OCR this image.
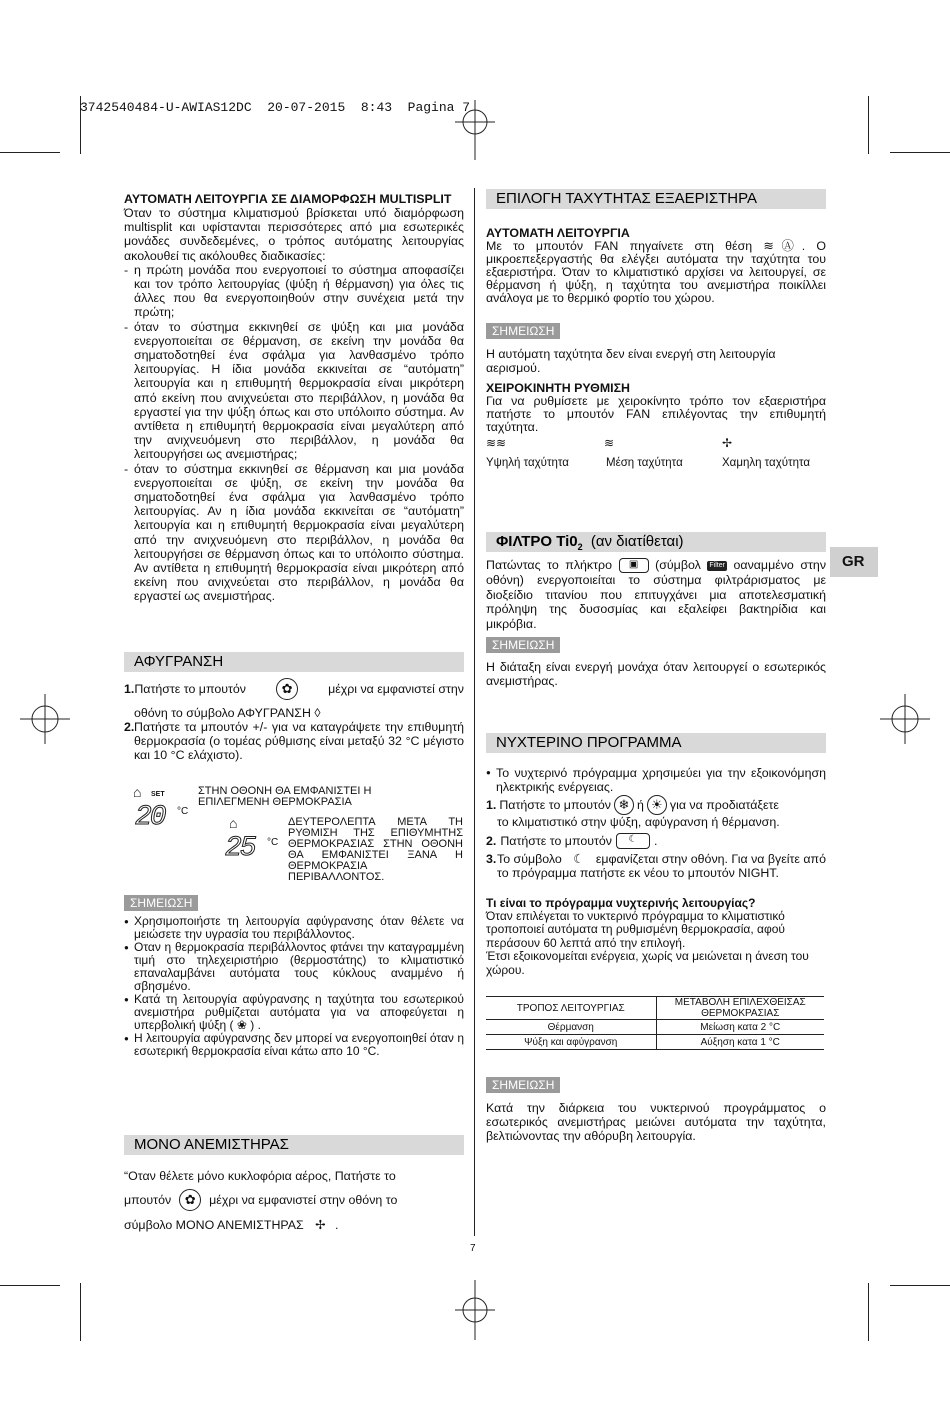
3742540484-U-AWIAS12DC  20-07-2015  8:43  Pagina 7
ΑΥΤΟΜΑΤΗ ΛΕΙΤΟΥΡΓΙΑ ΣΕ ΔΙΑΜΟΡΦΩΣΗ MULTISPLIT
Όταν το σύστημα κλιματισμού βρίσκεται υπό διαμόρφωση multisplit και υφίστανται περισσότερες από μια εσωτερικές μονάδες συνδεδεμένες, ο τρόπος αυτόματης λειτουργίας ακολουθεί τις ακόλουθες διαδικασίες:
- η πρώτη μονάδα που ενεργοποιεί το σύστημα αποφασίζει και τον τρόπο λειτουργίας (ψύξη ή θέρμανση) για όλες τις άλλες που θα ενεργοποιηθούν στην συνέχεια μετά την πρώτη;
- όταν το σύστημα εκκινηθεί σε ψύξη και μια μονάδα ενεργοποιείται σε θέρμανση, σε εκείνη την μονάδα θα σηματοδοτηθεί ένα σφάλμα για λανθασμένο τρόπο λειτουργίας. Η ίδια μονάδα εκκινείται σε “αυτόματη” λειτουργία και η επιθυμητή θερμοκρασία είναι μικρότερη από εκείνη που ανιχνεύεται στο περιβάλλον, η μονάδα θα εργαστεί για την ψύξη όπως και στο υπόλοιπο σύστημα. Αν αντίθετα η επιθυμητή θερμοκρασία είναι μεγαλύτερη από την ανιχνευόμενη στο περιβάλλον, η μονάδα θα λειτουργήσει ως ανεμιστήρας;
- όταν το σύστημα εκκινηθεί σε θέρμανση και μια μονάδα ενεργοποιείται σε ψύξη, σε εκείνη την μονάδα θα σηματοδοτηθεί ένα σφάλμα για λανθασμένο τρόπο λειτουργίας. Αν η ίδια μονάδα εκκινείται σε “αυτόματη” λειτουργία και η επιθυμητή θερμοκρασία είναι μεγαλύτερη από την ανιχνευόμενη στο περιβάλλον, η μονάδα θα λειτουργήσει σε θέρμανση όπως και το υπόλοιπο σύστημα. Αν αντίθετα η επιθυμητή θερμοκρασία είναι μικρότερη από εκείνη που ανιχνεύεται στο περιβάλλον, η μονάδα θα εργαστεί ως ανεμιστήρας.
ΑΦΥΓΡΑΝΣΗ
1.Πατήστε το μπουτόν	✿	μέχρι να εμφανιστεί στην
οθόνη το σύμβολο ΑΦΥΓΡΑΝΣΗ ◊
2. Πατήστε τα μπουτόν +/- για να καταγράψετε την επιθυμητή θερμοκρασία (ο τομέας ρύθμισης είναι μεταξύ 32 °C μέγιστο και 10 °C ελάχιστο).
⌂ SET
20 °C
ΣΤΗΝ ΟΘΟΝΗ ΘΑ ΕΜΦΑΝΙΣΤΕΙ Η ΕΠΙΛΕΓΜΕΝΗ ΘΕΡΜΟΚΡΑΣΙΑ
⌂
25 °C
ΔΕΥΤΕΡΟΛΕΠΤΑ ΜΕΤΑ ΤΗ ΡΥΘΜΙΣΗ ΤΗΣ ΕΠΙΘΥΜΗΤΗΣ ΘΕΡΜΟΚΡΑΣΙΑΣ ΣΤΗΝ ΟΘΟΝΗ ΘΑ ΕΜΦΑΝΙΣΤΕΙ ΞΑΝΑ Η ΘΕΡΜΟΚΡΑΣΙΑ ΠΕΡΙΒΑΛΛΟΝΤΟΣ.
ΣΗΜΕΙΩΣΗ
● Χρησιμοποιήστε τη λειτουργία αφύγρανσης όταν θέλετε να μειώσετε την υγρασία του περιβάλλοντος.
● Οταν η θερμοκρασία περιβάλλοντος φτάνει την καταγραμμένη τιμή στο τηλεχειριστήριο (θερμοστάτης) το κλιματιστικό επαναλαμβάνει αυτόματα τους κύκλους αναμμένο ή σβησμένο.
● Κατά τη λειτουργία αφύγρανσης η ταχύτητα του εσωτερικού ανεμιστήρα ρυθμίζεται αυτόματα για να αποφεύγεται η υπερβολική ψύξη ( ❀ ) .
● Η λειτουργία αφύγρανσης δεν μπορεί να ενεργοποιηθεί όταν η εσωτερική θερμοκρασία είναι κάτω απο 10 °C.
ΜΟΝΟ ΑΝΕΜΙΣΤΗΡΑΣ
“Οταν θέλετε μόνο κυκλοφόρια αέρος, Πατήστε το
μπουτόν	✿	μέχρι να εμφανιστεί στην οθόνη το
σύμβολο ΜΟΝΟ ΑΝΕΜΙΣΤΗΡΑΣ ✢ .
ΕΠΙΛΟΓΗ ΤΑΧΥΤΗΤΑΣ ΕΞΑΕΡΙΣΤΗΡΑ
ΑΥΤΟΜΑΤΗ ΛΕΙΤΟΥΡΓΙΑ
Με το μπουτόν FAN πηγαίνετε στη θέση ≋Ⓐ. Ο μικροεπεξεργαστής θα ελέγξει αυτόματα την ταχύτητα του εξαεριστήρα. Όταν το κλιματιστικό αρχίσει να λειτουργεί, σε θέρμανση ή ψύξη, η ταχύτητα του ανεμιστήρα ποικίλλει ανάλογα με το θερμικό φορτίο του χώρου.
ΣΗΜΕΙΩΣΗ
Η αυτόματη ταχύτητα δεν είναι ενεργή στη λειτουργία αερισμού.
ΧΕΙΡΟΚΙΝΗΤΗ ΡΥΘΜΙΣΗ
Για να ρυθμίσετε με χειροκίνητο τρόπο τον εξαεριστήρα πατήστε το μπουτόν FAN επιλέγοντας την επιθυμητή ταχύτητα.
≋≋	≋	✢
Υψηλή ταχύτητα	Μέση ταχύτητα	Χαμηλη ταχύτητα
ΦΙΛΤΡΟ $Ti0_2$ (αν διατίθεται)
GR
Πατώντας το πλήκτρο ▣ (σύμβολ Filter οαναμμένο στην οθόνη) ενεργοποιείται το σύστημα φιλτράρισματος με διοξείδιο τιτανίου που επιτυγχάνει μια αποτελεσματική πρόληψη της δυσοσμίας και εξαλείφει βακτηρίδια και μικρόβια.
ΣΗΜΕΙΩΣΗ
Η διάταξη είναι ενεργή μονάχα όταν λειτουργεί ο εσωτερικός ανεμιστήρας.
ΝΥΧΤΕΡΙΝΟ ΠΡΟΓΡΑΜΜΑ
● Το νυχτερινό πρόγραμμα χρησιμεύει για την εξοικονόμηση ηλεκτρικής ενέργειας.
1. Πατήστε το μπουτόν ❄ ή ☀ για να προδιατάξετε
το κλιματιστικό στην ψύξη, αφύγρανση ή θέρμανση.
2. Πατήστε το μπουτόν	☾	.
3. Το σύμβολο ☾ εμφανίζεται στην οθόνη. Για να βγείτε από το πρόγραμμα πατήστε εκ νέου το μπουτόν NIGHT.
Τι είναι το πρόγραμμα νυχτερινής λειτουργίας?
Όταν επιλέγεται το νυκτερινό πρόγραμμα το κλιματιστικό τροποποιεί αυτόματα τη ρυθμισμένη θερμοκρασία, αφού περάσουν 60 λεπτά από την επιλογή.
Έτσι εξοικονομείται ενέργεια, χωρίς να μειώνεται η άνεση του χώρου.
ΤΡΟΠΟΣ ΛΕΙΤΟΥΡΓΙΑΣ	ΜΕΤΑΒΟΛΗ ΕΠΙΛΕΧΘΕΙΣΑΣ ΘΕΡΜΟΚΡΑΣΙΑΣ
Θέρμανση	Μείωση κατα 2 °C
Ψύξη και αφύγρανση	Αύξηση κατα 1 °C
ΣΗΜΕΙΩΣΗ
Κατά την διάρκεια του νυκτερινού προγράμματος ο εσωτερικός ανεμιστήρας μειώνει αυτόματα την ταχύτητα, βελτιώνοντας την αθόρυβη λειτουργία.
7
